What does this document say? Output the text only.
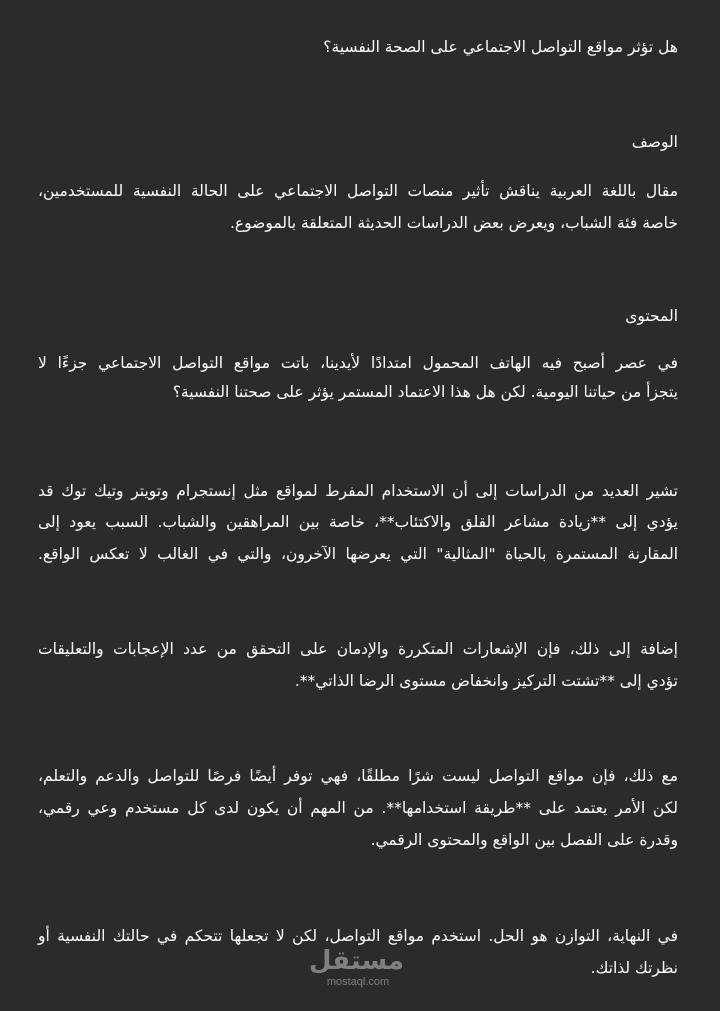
هل تؤثر مواقع التواصل الاجتماعي على الصحة النفسية؟
الوصف
مقال باللغة العربية يناقش تأثير منصات التواصل الاجتماعي على الحالة النفسية للمستخدمين،
خاصة فئة الشباب، ويعرض بعض الدراسات الحديثة المتعلقة بالموضوع.
المحتوى
في عصر أصبح فيه الهاتف المحمول امتدادًا لأيدينا، باتت مواقع التواصل الاجتماعي جزءًا لا
يتجزأ من حياتنا اليومية. لكن هل هذا الاعتماد المستمر يؤثر على صحتنا النفسية؟
تشير العديد من الدراسات إلى أن الاستخدام المفرط لمواقع مثل إنستجرام وتويتر وتيك توك قد
يؤدي إلى **زيادة مشاعر القلق والاكتئاب**، خاصة بين المراهقين والشباب. السبب يعود إلى
المقارنة المستمرة بالحياة "المثالية" التي يعرضها الآخرون، والتي في الغالب لا تعكس الواقع.
إضافة إلى ذلك، فإن الإشعارات المتكررة والإدمان على التحقق من عدد الإعجابات والتعليقات
تؤدي إلى **تشتت التركيز وانخفاض مستوى الرضا الذاتي**.
مع ذلك، فإن مواقع التواصل ليست شرًا مطلقًا، فهي توفر أيضًا فرصًا للتواصل والدعم والتعلم،
لكن الأمر يعتمد على **طريقة استخدامها**. من المهم أن يكون لدى كل مستخدم وعي رقمي،
وقدرة على الفصل بين الواقع والمحتوى الرقمي.
في النهاية، التوازن هو الحل. استخدم مواقع التواصل، لكن لا تجعلها تتحكم في حالتك النفسية أو
نظرتك لذاتك.
مستقل
mostaql.com
